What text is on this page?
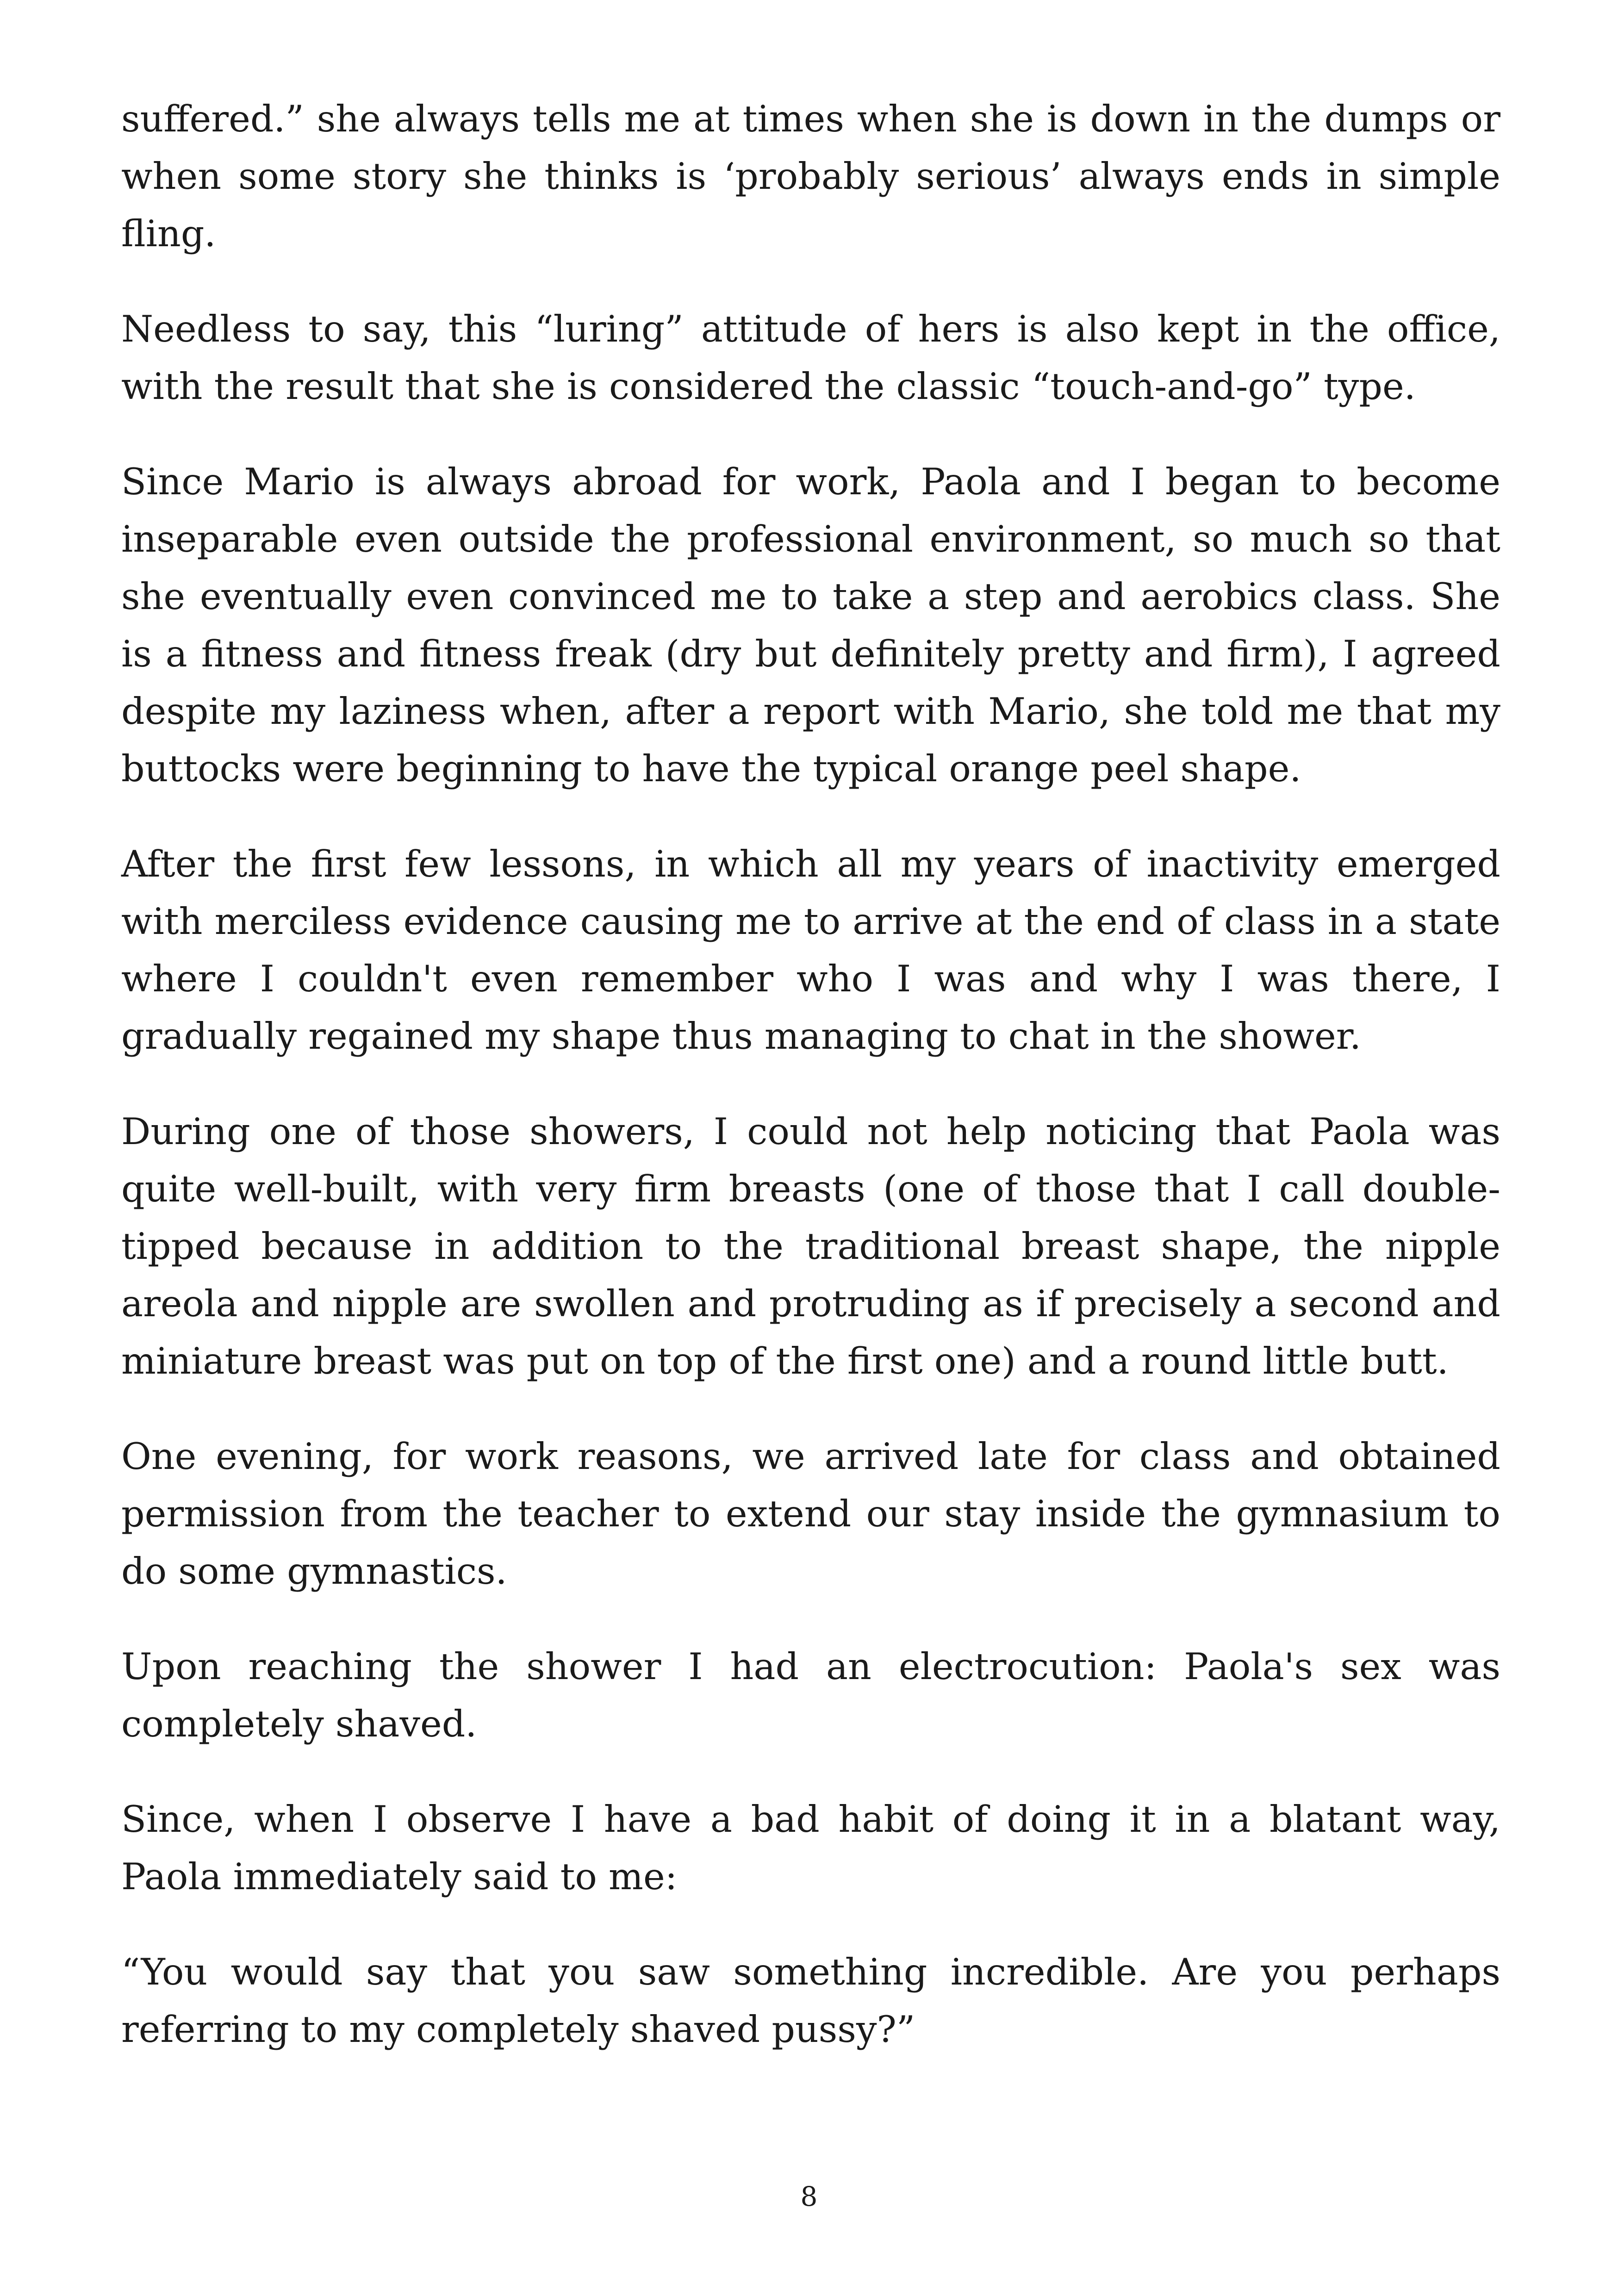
suffered.” she always tells me at times when she is down in the dumps or when some story she thinks is ‘probably serious’ always ends in simple fling.

Needless to say, this “luring” attitude of hers is also kept in the office, with the result that she is considered the classic “touch-and-go” type.

Since Mario is always abroad for work, Paola and I began to become inseparable even outside the professional environment, so much so that she eventually even convinced me to take a step and aerobics class. She is a fitness and fitness freak (dry but definitely pretty and firm), I agreed despite my laziness when, after a report with Mario, she told me that my buttocks were beginning to have the typical orange peel shape.

After the first few lessons, in which all my years of inactivity emerged with merciless evidence causing me to arrive at the end of class in a state where I couldn't even remember who I was and why I was there, I gradually regained my shape thus managing to chat in the shower.

During one of those showers, I could not help noticing that Paola was quite well-built, with very firm breasts (one of those that I call double-tipped because in addition to the traditional breast shape, the nipple areola and nipple are swollen and protruding as if precisely a second and miniature breast was put on top of the first one) and a round little butt.

One evening, for work reasons, we arrived late for class and obtained permission from the teacher to extend our stay inside the gymnasium to do some gymnastics.

Upon reaching the shower I had an electrocution: Paola's sex was completely shaved.

Since, when I observe I have a bad habit of doing it in a blatant way, Paola immediately said to me:

“You would say that you saw something incredible. Are you perhaps referring to my completely shaved pussy?”

8
